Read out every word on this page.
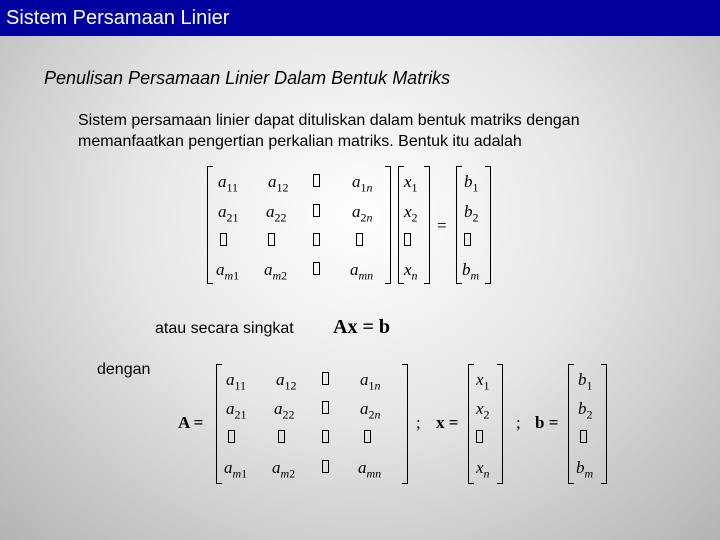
Sistem Persamaan Linier
Penulisan Persamaan Linier Dalam Bentuk Matriks
Sistem persamaan linier dapat dituliskan dalam bentuk matriks dengan memanfaatkan pengertian perkalian matriks. Bentuk itu adalah
$a_{11}$ $a_{12}$	$a_{1n}$
$a_{21}$ $a_{22}$	$a_{2n}$
$a_{m1}$ $a_{m2}$	$a_{mn}$
$x_1$
$x_2$
$x_n$
=
$b_1$
$b_2$
$b_m$
atau secara singkat Ax = b
dengan
A =
$a_{11}$ $a_{12}$	$a_{1n}$
$a_{21}$ $a_{22}$	$a_{2n}$
$a_{m1}$ $a_{m2}$	$a_{mn}$
; x =
$x_1$
$x_2$
$x_n$
; b =
$b_1$
$b_2$
$b_m$
